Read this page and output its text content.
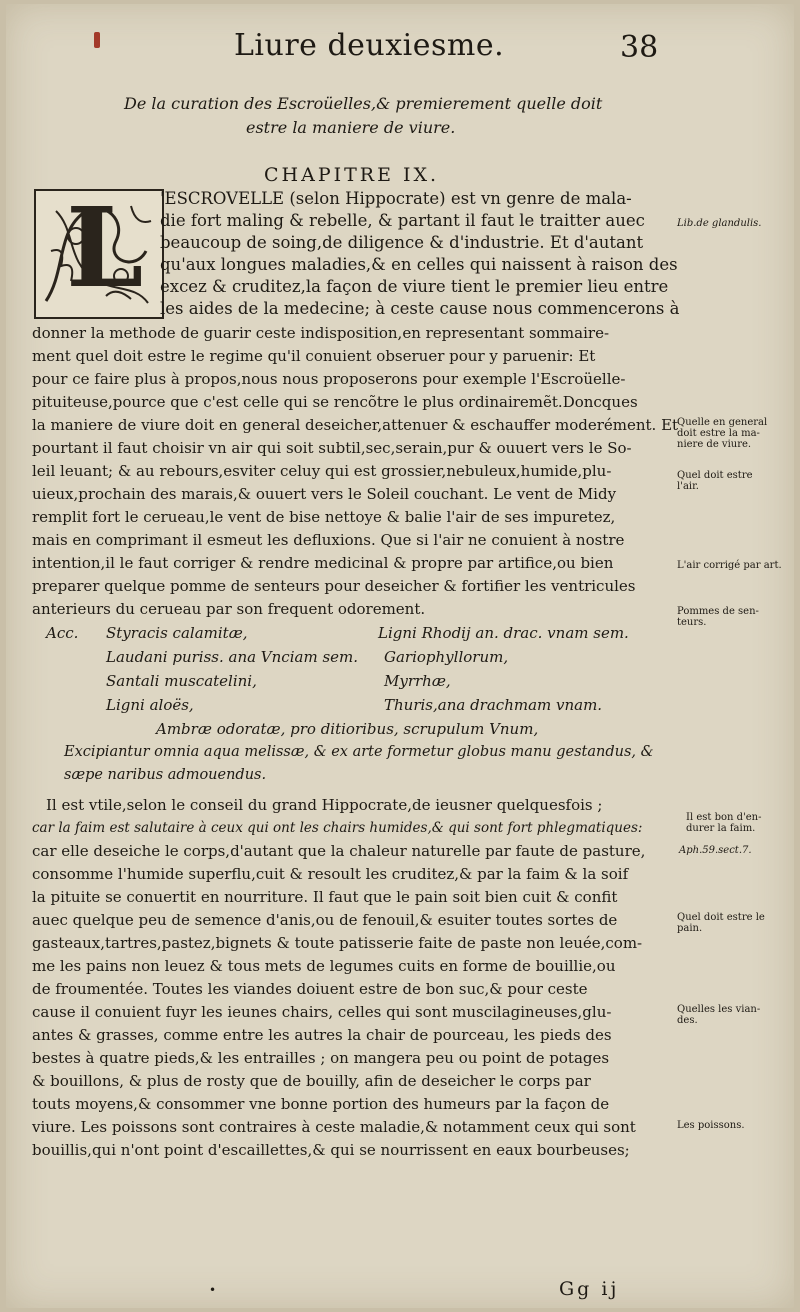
Liure deuxiesme.	38
De la curation des Escroüelles,& premierement quelle doit
estre la maniere de viure.
CHAPITRE IX.
L 'ESCROVELLE (selon Hippocrate) est vn genre de mala-
die fort maling & rebelle, & partant il faut le traitter auec
beaucoup de soing,de diligence & d'industrie. Et d'autant
qu'aux longues maladies,& en celles qui naissent à raison des
excez & cruditez,la façon de viure tient le premier lieu entre
les aides de la medecine; à ceste cause nous commencerons à
donner la methode de guarir ceste indisposition,en representant sommaire-
ment quel doit estre le regime qu'il conuient obseruer pour y paruenir: Et
pour ce faire plus à propos,nous nous proposerons pour exemple l'Escroüelle-
pituiteuse,pource que c'est celle qui se rencõtre le plus ordinairemẽt.Doncques
la maniere de viure doit en general deseicher,attenuer & eschauffer moderément. Et
pourtant il faut choisir vn air qui soit subtil,sec,serain,pur & ouuert vers le So-
leil leuant; & au rebours,esviter celuy qui est grossier,nebuleux,humide,plu-
uieux,prochain des marais,& ouuert vers le Soleil couchant. Le vent de Midy
remplit fort le cerueau,le vent de bise nettoye & balie l'air de ses impuretez,
mais en comprimant il esmeut les defluxions. Que si l'air ne conuient à nostre
intention,il le faut corriger & rendre medicinal & propre par artifice,ou bien
preparer quelque pomme de senteurs pour deseicher & fortifier les ventricules
anterieurs du cerueau par son frequent odorement.
Acc. Styracis calamitæ,	Ligni Rhodij an. drac. vnam sem.
Laudani puriss. ana Vnciam sem. Gariophyllorum,
Santali muscatelini,	Myrrhæ,
Ligni aloës,	Thuris,ana drachmam vnam.
Ambræ odoratæ, pro ditioribus, scrupulum Vnum,
Excipiantur omnia aqua melissæ, & ex arte formetur globus manu gestandus, &
sæpe naribus admouendus.
Il est vtile,selon le conseil du grand Hippocrate,de ieusner quelquesfois ;
car la faim est salutaire à ceux qui ont les chairs humides,& qui sont fort phlegmatiques:
car elle deseiche le corps,d'autant que la chaleur naturelle par faute de pasture,
consomme l'humide superflu,cuit & resoult les cruditez,& par la faim & la soif
la pituite se conuertit en nourriture. Il faut que le pain soit bien cuit & confit
auec quelque peu de semence d'anis,ou de fenouil,& esuiter toutes sortes de
gasteaux,tartres,pastez,bignets & toute patisserie faite de paste non leuée,com-
me les pains non leuez & tous mets de legumes cuits en forme de bouillie,ou
de froumentée. Toutes les viandes doiuent estre de bon suc,& pour ceste
cause il conuient fuyr les ieunes chairs, celles qui sont muscilagineuses,glu-
antes & grasses, comme entre les autres la chair de pourceau, les pieds des
bestes à quatre pieds,& les entrailles ; on mangera peu ou point de potages
& bouillons, & plus de rosty que de bouilly, afin de deseicher le corps par
touts moyens,& consommer vne bonne portion des humeurs par la façon de
viure. Les poissons sont contraires à ceste maladie,& notamment ceux qui sont
bouillis,qui n'ont point d'escaillettes,& qui se nourrissent en eaux bourbeuses;
Lib.de glandulis.
Quelle en general doit estre la ma- niere de viure.
Quel doit estre l'air.
L'air corrigé par art.
Pommes de sen- teurs.
Il est bon d'en- durer la faim.
Aph.59.sect.7.
Quel doit estre le pain.
Quelles les vian- des.
Les poissons.
•	Gg ij
